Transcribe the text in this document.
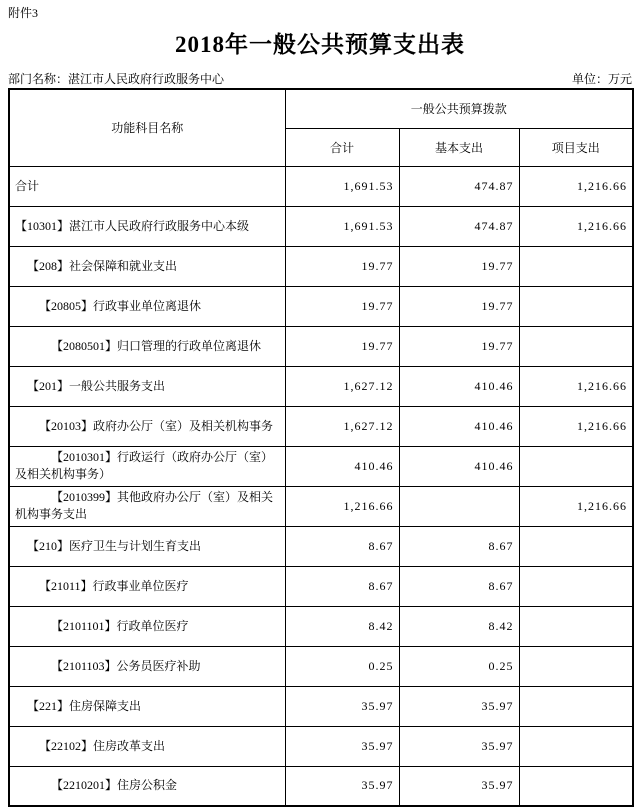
附件3
2018年一般公共预算支出表
部门名称：湛江市人民政府行政服务中心	单位：万元
功能科目名称	一般公共预算拨款		
	合计	基本支出	项目支出
合计	1,691.53	474.87	1,216.66
【10301】湛江市人民政府行政服务中心本级	1,691.53	474.87	1,216.66
【208】社会保障和就业支出	19.77	19.77	
【20805】行政事业单位离退休	19.77	19.77	
【2080501】归口管理的行政单位离退休	19.77	19.77	
【201】一般公共服务支出	1,627.12	410.46	1,216.66
【20103】政府办公厅（室）及相关机构事务	1,627.12	410.46	1,216.66
【2010301】行政运行（政府办公厅（室）及相关机构事务）	410.46	410.46	
【2010399】其他政府办公厅（室）及相关机构事务支出	1,216.66		1,216.66
【210】医疗卫生与计划生育支出	8.67	8.67	
【21011】行政事业单位医疗	8.67	8.67	
【2101101】行政单位医疗	8.42	8.42	
【2101103】公务员医疗补助	0.25	0.25	
【221】住房保障支出	35.97	35.97	
【22102】住房改革支出	35.97	35.97	
【2210201】住房公积金	35.97	35.97	
